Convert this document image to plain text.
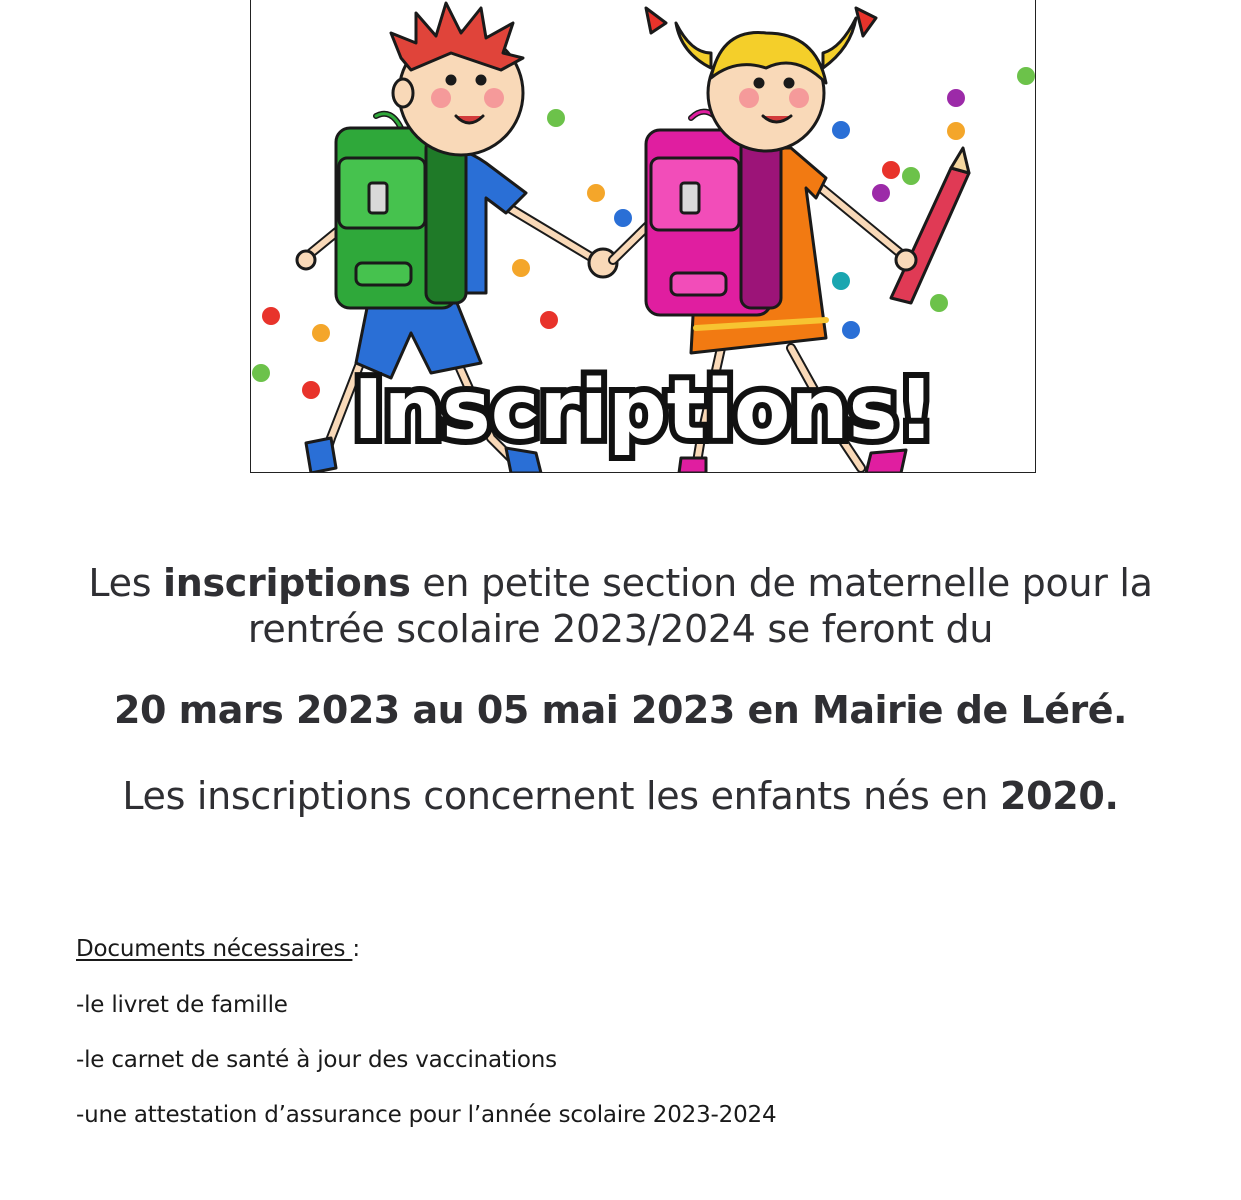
Inscriptions!
Les inscriptions en petite section de maternelle pour la
rentrée scolaire 2023/2024 se feront du
20 mars 2023 au 05 mai 2023 en Mairie de Léré.
Les inscriptions concernent les enfants nés en 2020.
Documents nécessaires :
-le livret de famille
-le carnet de santé à jour des vaccinations
-une attestation d’assurance pour l’année scolaire 2023-2024
